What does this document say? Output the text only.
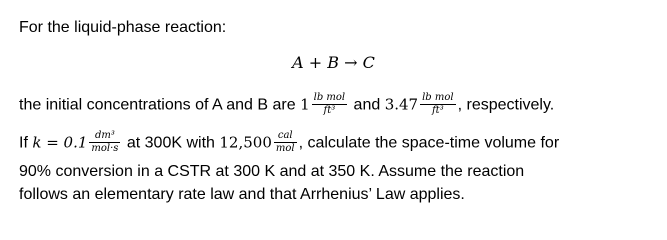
For the liquid-phase reaction:
A + B → C
the initial concentrations of A and B are $1 \frac{\text{lb mol}}{\text{ft³}}$ and $3.47 \frac{\text{lb mol}}{\text{ft³}}$ , respectively.
If $k = 0.1 \frac{\text{dm³}}{\text{mol·s}}$ at 300K with $12,500 \frac{\text{cal}}{\text{mol}}$ , calculate the space-time volume for
90% conversion in a CSTR at 300 K and at 350 K. Assume the reaction
follows an elementary rate law and that Arrhenius’ Law applies.
